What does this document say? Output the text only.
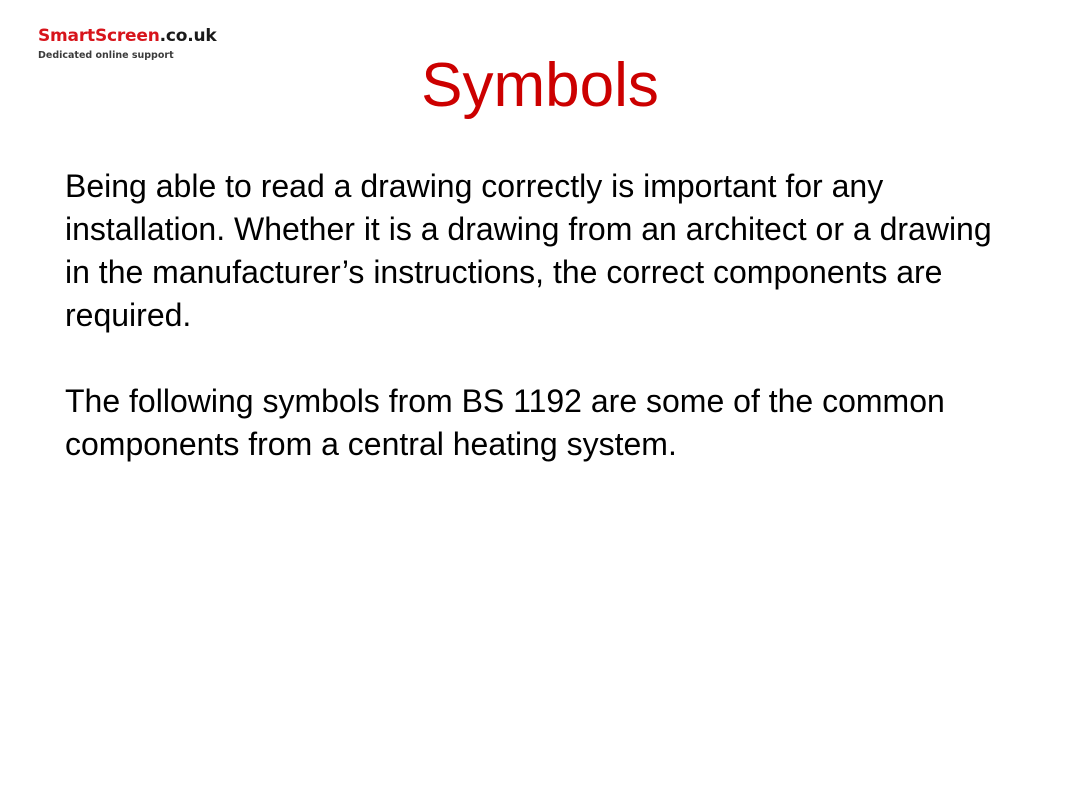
SmartScreen.co.uk
Dedicated online support	Symbols

Being able to read a drawing correctly is important for any installation. Whether it is a drawing from an architect or a drawing in the manufacturer’s instructions, the correct components are required.

The following symbols from BS 1192 are some of the common components from a central heating system.
